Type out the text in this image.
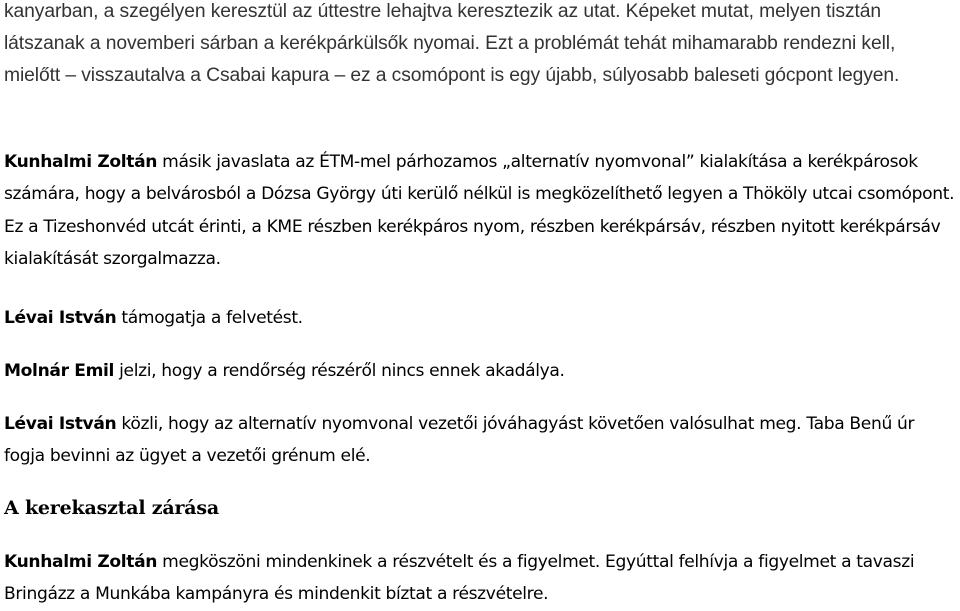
kanyarban, a szegélyen keresztül az úttestre lehajtva keresztezik az utat. Képeket mutat, melyen tisztán látszanak a novemberi sárban a kerékpárkülsők nyomai. Ezt a problémát tehát mihamarabb rendezni kell, mielőtt – visszautalva a Csabai kapura – ez a csomópont is egy újabb, súlyosabb baleseti gócpont legyen.

Kunhalmi Zoltán másik javaslata az ÉTM-mel párhozamos „alternatív nyomvonal” kialakítása a kerékpárosok számára, hogy a belvárosból a Dózsa György úti kerülő nélkül is megközelíthető legyen a Thököly utcai csomópont. Ez a Tizeshonvéd utcát érinti, a KME részben kerékpáros nyom, részben kerékpársáv, részben nyitott kerékpársáv kialakítását szorgalmazza.

Lévai István támogatja a felvetést.

Molnár Emil jelzi, hogy a rendőrség részéről nincs ennek akadálya.

Lévai István közli, hogy az alternatív nyomvonal vezetői jóváhagyást követően valósulhat meg. Taba Benű úr fogja bevinni az ügyet a vezetői grénum elé.

A kerekasztal zárása

Kunhalmi Zoltán megköszöni mindenkinek a részvételt és a figyelmet. Egyúttal felhívja a figyelmet a tavaszi Bringázz a Munkába kampányra és mindenkit bíztat a részvételre.
